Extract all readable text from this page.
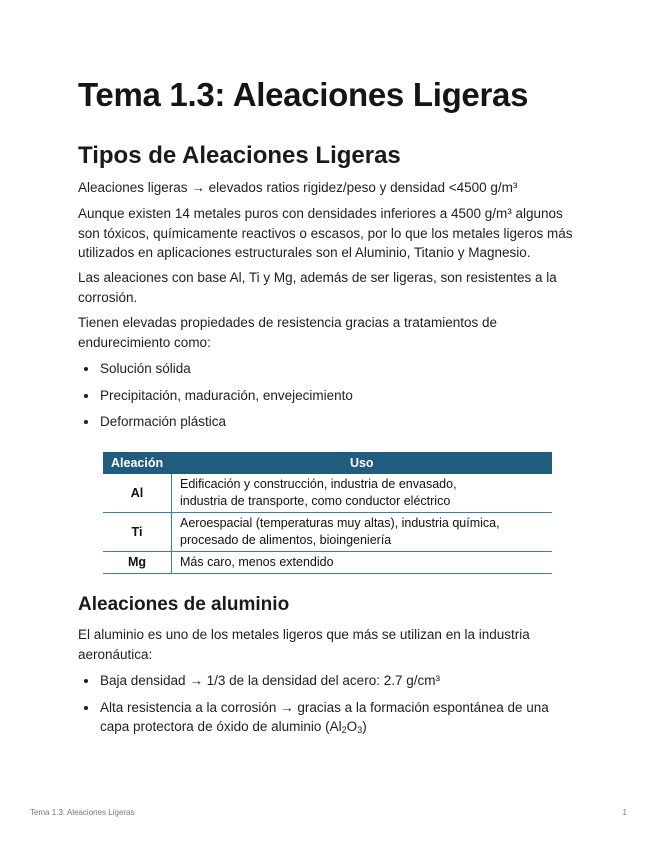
Tema 1.3: Aleaciones Ligeras
Tipos de Aleaciones Ligeras

Aleaciones ligeras → elevados ratios rigidez/peso y densidad <4500 g/m³

Aunque existen 14 metales puros con densidades inferiores a 4500 g/m³ algunos son tóxicos, químicamente reactivos o escasos, por lo que los metales ligeros más utilizados en aplicaciones estructurales son el Aluminio, Titanio y Magnesio.

Las aleaciones con base Al, Ti y Mg, además de ser ligeras, son resistentes a la corrosión.

Tienen elevadas propiedades de resistencia gracias a tratamientos de endurecimiento como:

Solución sólida
Precipitación, maduración, envejecimiento
Deformación plástica
Aleación	Uso
Al	Edificación y construcción, industria de envasado,
industria de transporte, como conductor eléctrico

Ti	Aeroespacial (temperaturas muy altas), industria química,
procesado de alimentos, bioingeniería

Mg	Más caro, menos extendido
Aleaciones de aluminio

El aluminio es uno de los metales ligeros que más se utilizan en la industria aeronáutica:

Baja densidad → 1/3 de la densidad del acero: 2.7 g/cm³
Alta resistencia a la corrosión → gracias a la formación espontánea de una capa protectora de óxido de aluminio $(Al_2O_3)$
Tema 1.3: Aleaciones Ligeras	1
